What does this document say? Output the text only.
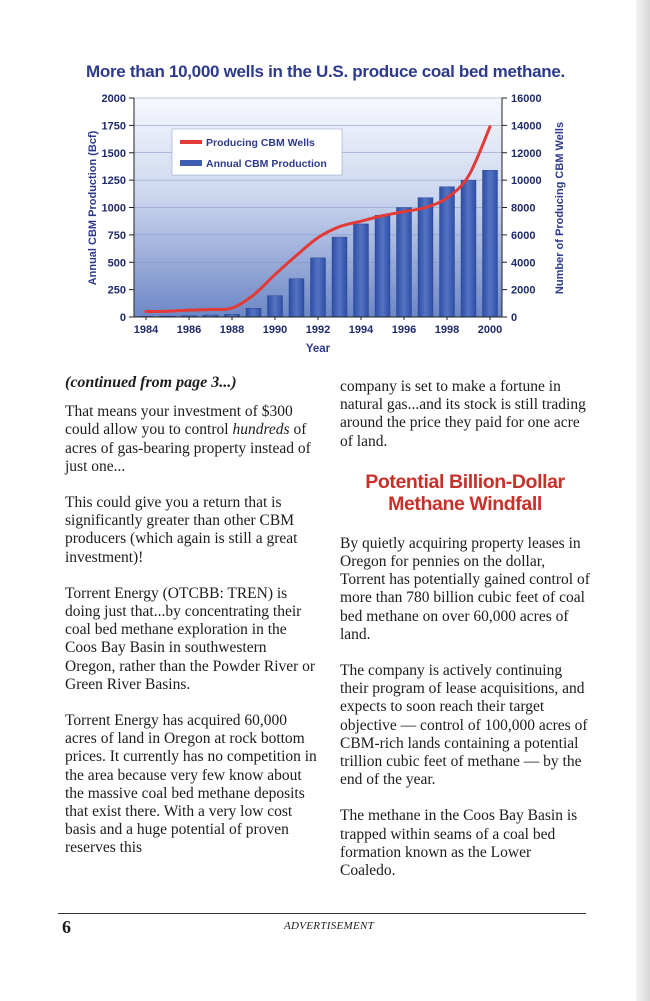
More than 10,000 wells in the U.S. produce coal bed methane.
0
250
500
750
1000
1250
1500
1750
2000
0
2000
4000
6000
8000
10000
12000
14000
16000
1984 1986 1988 1990 1992 1994 1996 1998 2000
Producing CBM Wells
Annual CBM Production
Annual CBM Production (Bcf)	Number of Producing CBM Wells
Year

(continued from page 3...)

That means your investment of $300 could allow you to control hundreds of acres of gas-bearing property instead of just one...

This could give you a return that is significantly greater than other CBM producers (which again is still a great investment)!

Torrent Energy (OTCBB: TREN) is doing just that...by concentrating their coal bed methane exploration in the Coos Bay Basin in southwestern Oregon, rather than the Powder River or Green River Basins.

Torrent Energy has acquired 60,000 acres of land in Oregon at rock bottom prices. It currently has no competition in the area because very few know about the massive coal bed methane deposits that exist there. With a very low cost basis and a huge potential of proven reserves this

company is set to make a fortune in natural gas...and its stock is still trading around the price they paid for one acre of land.

Potential Billion-Dollar Methane Windfall

By quietly acquiring property leases in Oregon for pennies on the dollar, Torrent has potentially gained control of more than 780 billion cubic feet of coal bed methane on over 60,000 acres of land.

The company is actively continuing their program of lease acquisitions, and expects to soon reach their target objective — control of 100,000 acres of CBM-rich lands containing a potential trillion cubic feet of methane — by the end of the year.

The methane in the Coos Bay Basin is trapped within seams of a coal bed formation known as the Lower Coaledo.

6	ADVERTISEMENT
